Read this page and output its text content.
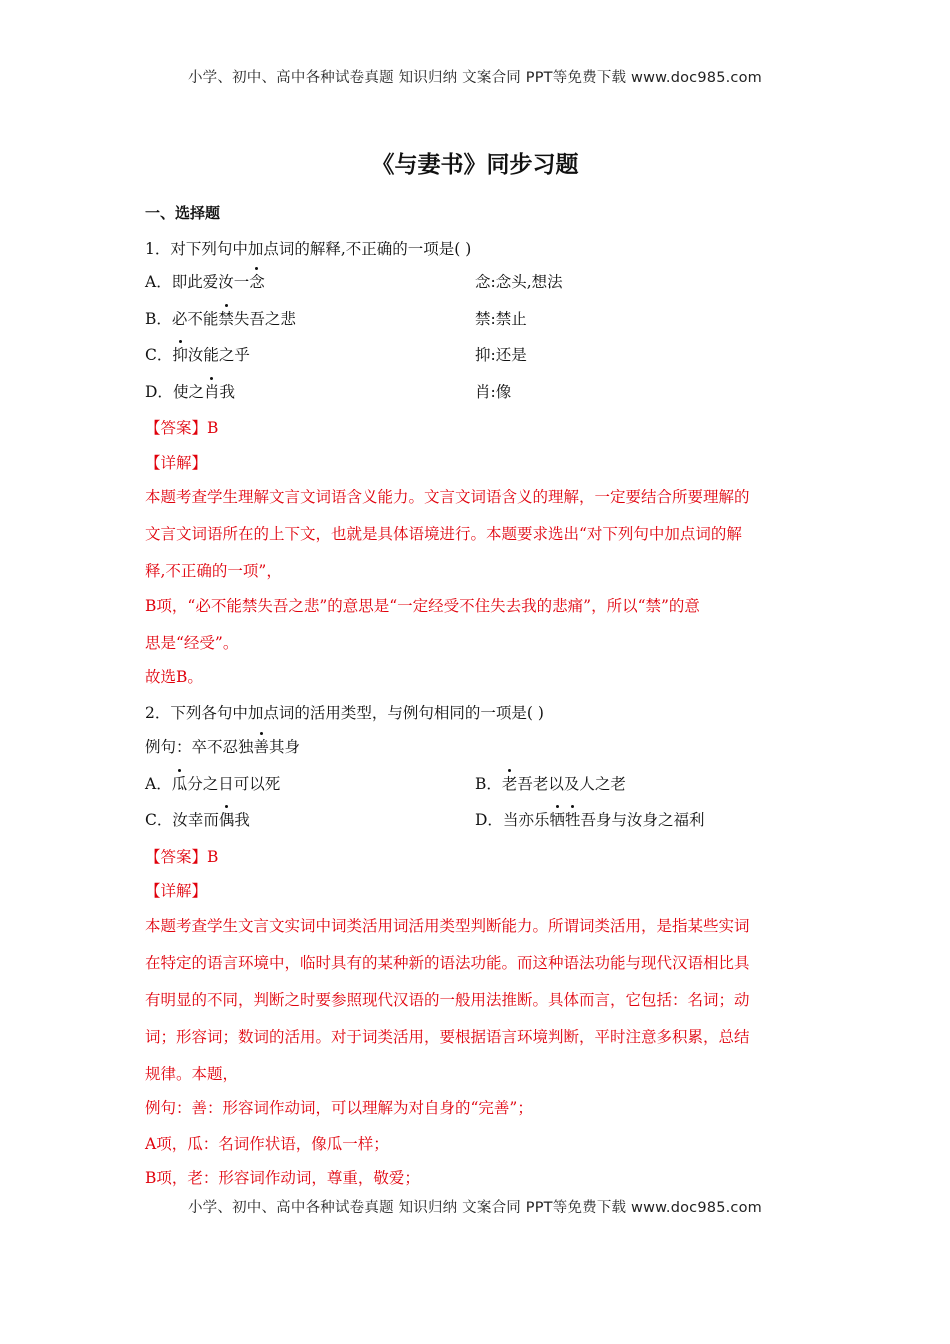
小学、初中、高中各种试卷真题 知识归纳 文案合同 PPT等免费下载 www.doc985.com
《与妻书》同步习题
一、选择题
1．对下列句中加点词的解释,不正确的一项是( )
A．即此爱汝一念	念:念头,想法
B．必不能禁失吾之悲	禁:禁止
C．抑汝能之乎	抑:还是
D．使之肖我	肖:像
【答案】B
【详解】
本题考查学生理解文言文词语含义能力。文言文词语含义的理解，一定要结合所要理解的
文言文词语所在的上下文，也就是具体语境进行。本题要求选出“对下列句中加点词的解
释,不正确的一项”，
B项，“必不能禁失吾之悲”的意思是“一定经受不住失去我的悲痛”，所以“禁”的意
思是“经受”。
故选B。
2．下列各句中加点词的活用类型，与例句相同的一项是( )
例句：卒不忍独善其身
A．瓜分之日可以死	B．老吾老以及人之老
C．汝幸而偶我	D．当亦乐牺牲吾身与汝身之福利
【答案】B
【详解】
本题考查学生文言文实词中词类活用词活用类型判断能力。所谓词类活用，是指某些实词
在特定的语言环境中，临时具有的某种新的语法功能。而这种语法功能与现代汉语相比具
有明显的不同，判断之时要参照现代汉语的一般用法推断。具体而言，它包括：名词；动
词；形容词；数词的活用。对于词类活用，要根据语言环境判断，平时注意多积累，总结
规律。本题，
例句：善：形容词作动词，可以理解为对自身的“完善”；
A项，瓜：名词作状语，像瓜一样；
B项，老：形容词作动词，尊重，敬爱；
小学、初中、高中各种试卷真题 知识归纳 文案合同 PPT等免费下载 www.doc985.com
